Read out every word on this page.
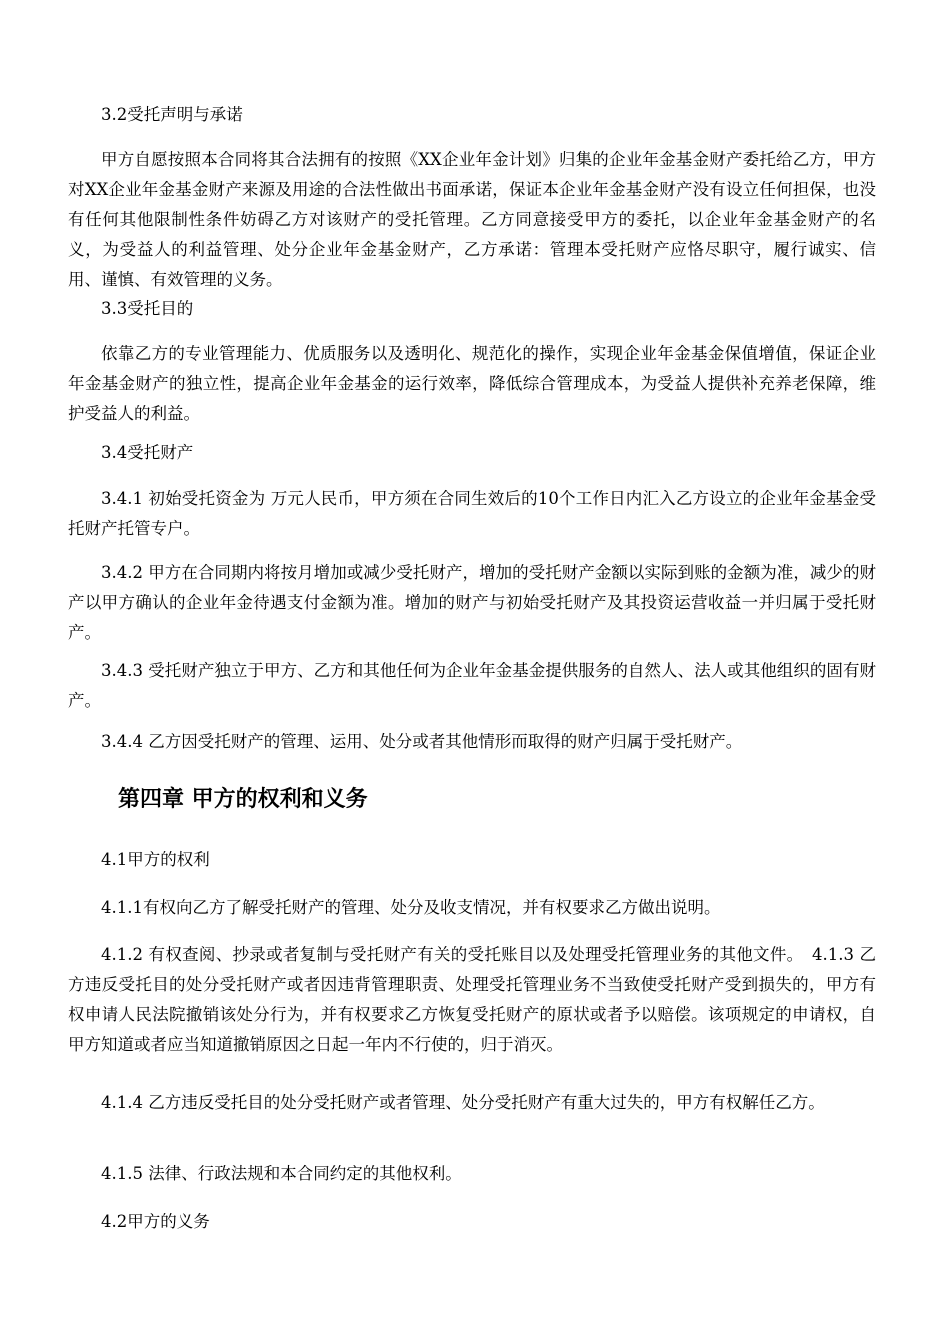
3.2受托声明与承诺

甲方自愿按照本合同将其合法拥有的按照《XX企业年金计划》归集的企业年金基金财产委托给乙方，甲方对XX企业年金基金财产来源及用途的合法性做出书面承诺，保证本企业年金基金财产没有设立任何担保，也没有任何其他限制性条件妨碍乙方对该财产的受托管理。乙方同意接受甲方的委托，以企业年金基金财产的名义，为受益人的利益管理、处分企业年金基金财产，乙方承诺：管理本受托财产应恪尽职守，履行诚实、信用、谨慎、有效管理的义务。

3.3受托目的

依靠乙方的专业管理能力、优质服务以及透明化、规范化的操作，实现企业年金基金保值增值，保证企业年金基金财产的独立性，提高企业年金基金的运行效率，降低综合管理成本，为受益人提供补充养老保障，维护受益人的利益。

3.4受托财产

3.4.1 初始受托资金为 万元人民币，甲方须在合同生效后的10个工作日内汇入乙方设立的企业年金基金受托财产托管专户。

3.4.2 甲方在合同期内将按月增加或减少受托财产，增加的受托财产金额以实际到账的金额为准，减少的财产以甲方确认的企业年金待遇支付金额为准。增加的财产与初始受托财产及其投资运营收益一并归属于受托财产。

3.4.3 受托财产独立于甲方、乙方和其他任何为企业年金基金提供服务的自然人、法人或其他组织的固有财产。

3.4.4 乙方因受托财产的管理、运用、处分或者其他情形而取得的财产归属于受托财产。

第四章 甲方的权利和义务

4.1甲方的权利

4.1.1有权向乙方了解受托财产的管理、处分及收支情况，并有权要求乙方做出说明。

4.1.2 有权查阅、抄录或者复制与受托财产有关的受托账目以及处理受托管理业务的其他文件。　4.1.3 乙方违反受托目的处分受托财产或者因违背管理职责、处理受托管理业务不当致使受托财产受到损失的，甲方有权申请人民法院撤销该处分行为，并有权要求乙方恢复受托财产的原状或者予以赔偿。该项规定的申请权，自甲方知道或者应当知道撤销原因之日起一年内不行使的，归于消灭。

4.1.4 乙方违反受托目的处分受托财产或者管理、处分受托财产有重大过失的，甲方有权解任乙方。

4.1.5 法律、行政法规和本合同约定的其他权利。

4.2甲方的义务
